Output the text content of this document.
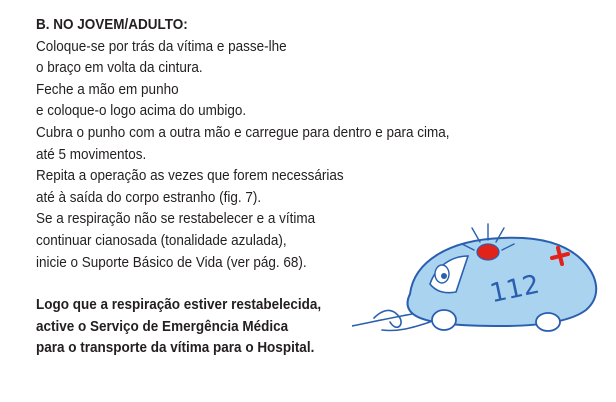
B. NO JOVEM/ADULTO:
Coloque-se por trás da vítima e passe-lhe
o braço em volta da cintura.
Feche a mão em punho
e coloque-o logo acima do umbigo.
Cubra o punho com a outra mão e carregue para dentro e para cima,
até 5 movimentos.
Repita a operação as vezes que forem necessárias
até à saída do corpo estranho (fig. 7).
Se a respiração não se restabelecer e a vítima
continuar cianosada (tonalidade azulada),
inicie o Suporte Básico de Vida (ver pág. 68).
Logo que a respiração estiver restabelecida,
active o Serviço de Emergência Médica
para o transporte da vítima para o Hospital.
112
